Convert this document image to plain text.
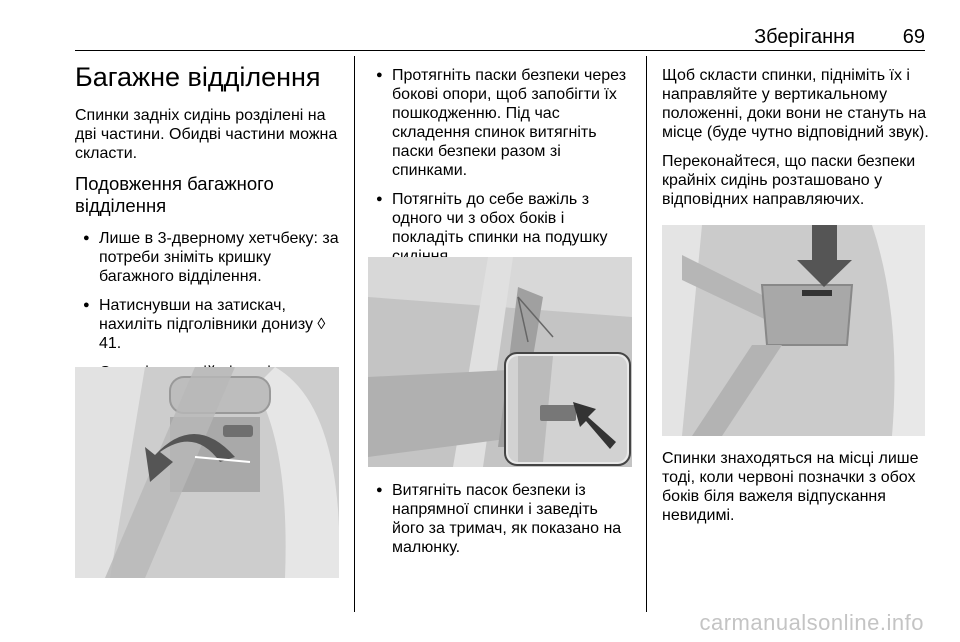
Зберігання 69
Багажне відділення

Спинки задніх сидінь розділені на дві частини. Обидві частини можна скласти.

Подовження багажного відділення
● Лише в 3-дверному хетчбеку: за потреби зніміть кришку багажного відділення.
● Натиснувши на затискач, нахиліть підголівники донизу ◊ 41.
●
● Протягніть паски безпеки через бокові опори, щоб запобігти їх пошкодженню. Під час складення спинок витягніть паски безпеки разом зі спинками.
● Потягніть до себе важіль з одного чи з обох боків і покладіть спинки на подушку
● Витягніть пасок безпеки із напрямної спинки і заведіть його за тримач, як показано на малюнку.

Щоб скласти спинки, підніміть їх і направляйте у вертикальному положенні, доки вони не стануть на місце (буде чутно відповідний звук).

Переконайтеся, що паски безпеки крайніх сидінь розташовано у відповідних направляючих.

Спинки знаходяться на місці лише тоді, коли червоні позначки з обох боків біля важеля відпускання невидимі.

carmanualsonline.info
